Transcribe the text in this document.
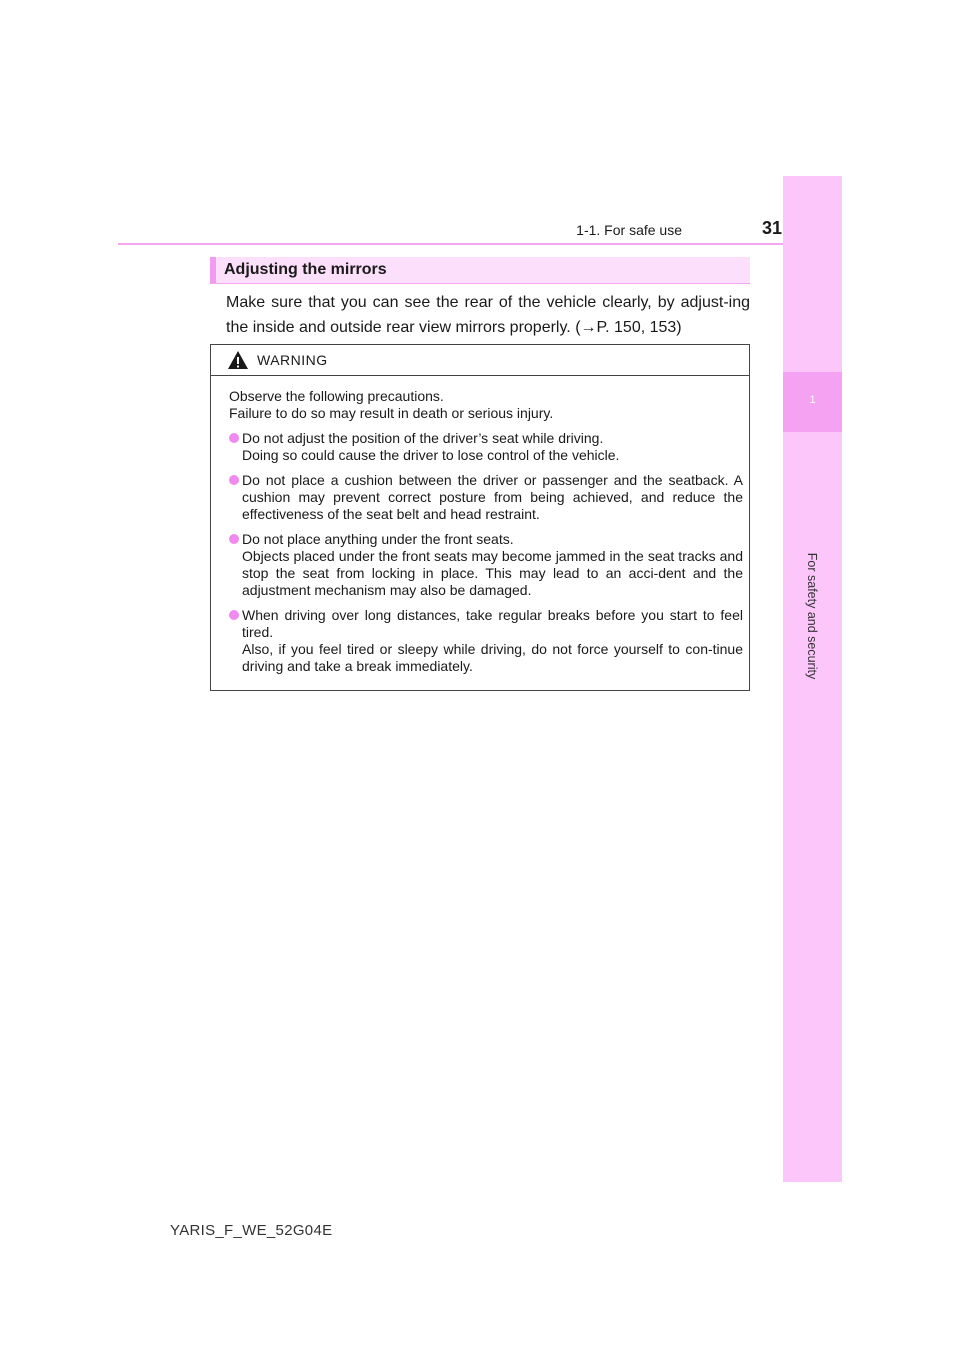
1-1. For safe use	31
1
For safety and security
Adjusting the mirrors

Make sure that you can see the rear of the vehicle clearly, by adjust-ing the inside and outside rear view mirrors properly. (→P. 150, 153)

WARNING
Observe the following precautions.
Failure to do so may result in death or serious injury.
Do not adjust the position of the driver’s seat while driving.
Doing so could cause the driver to lose control of the vehicle.
Do not place a cushion between the driver or passenger and the seatback. A cushion may prevent correct posture from being achieved, and reduce the effectiveness of the seat belt and head restraint.
Do not place anything under the front seats.
Objects placed under the front seats may become jammed in the seat tracks and stop the seat from locking in place. This may lead to an acci-dent and the adjustment mechanism may also be damaged.
When driving over long distances, take regular breaks before you start to feel tired.
Also, if you feel tired or sleepy while driving, do not force yourself to con-tinue driving and take a break immediately.
YARIS_F_WE_52G04E
